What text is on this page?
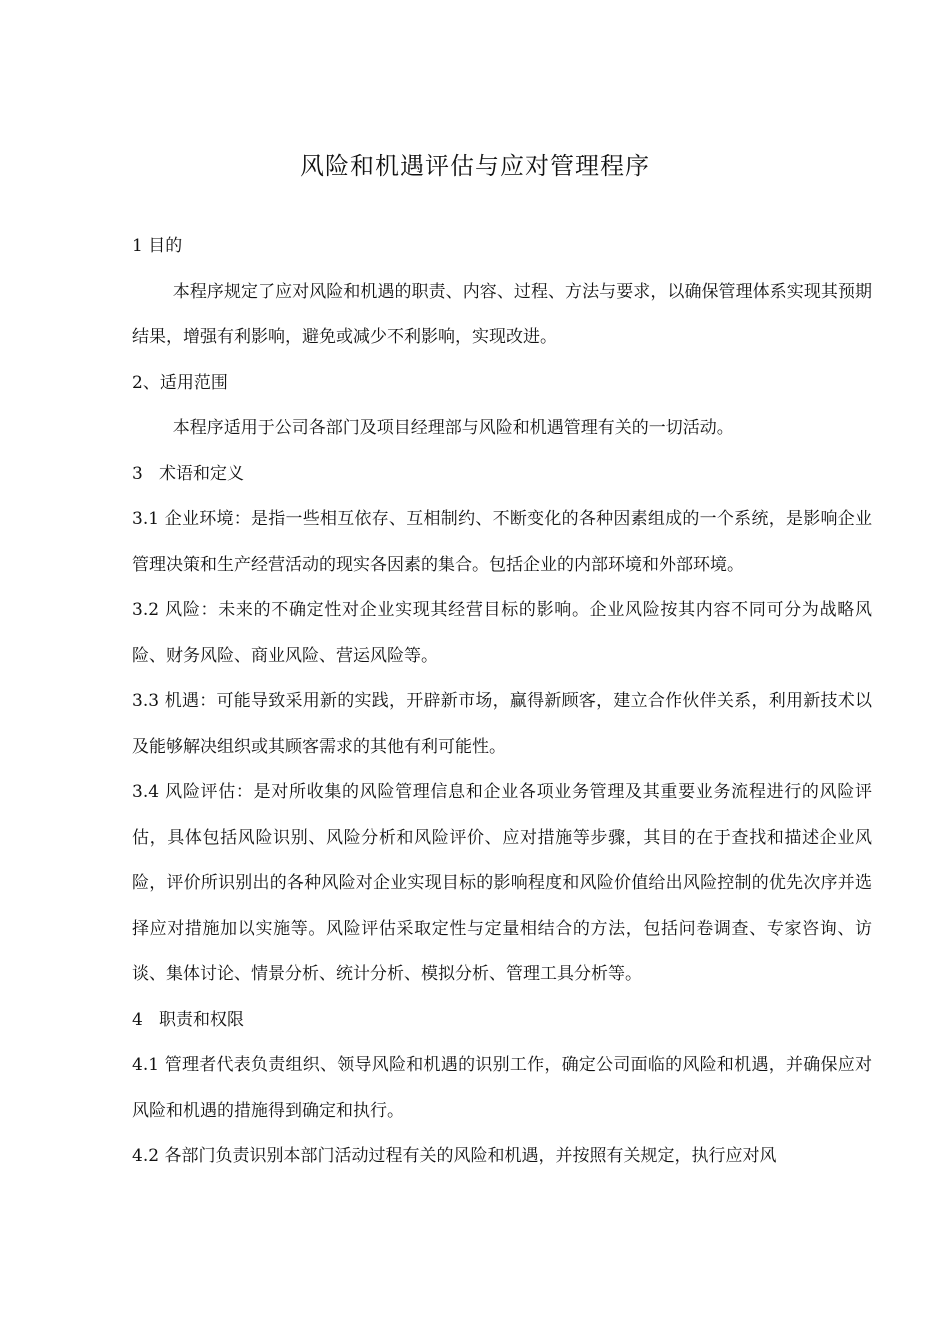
风险和机遇评估与应对管理程序

1 目的

本程序规定了应对风险和机遇的职责、内容、过程、方法与要求，以确保管理体系实现其预期结果，增强有利影响，避免或减少不利影响，实现改进。

2、适用范围

本程序适用于公司各部门及项目经理部与风险和机遇管理有关的一切活动。

3   术语和定义

3.1 企业环境：是指一些相互依存、互相制约、不断变化的各种因素组成的一个系统，是影响企业管理决策和生产经营活动的现实各因素的集合。包括企业的内部环境和外部环境。

3.2 风险：未来的不确定性对企业实现其经营目标的影响。企业风险按其内容不同可分为战略风险、财务风险、商业风险、营运风险等。

3.3 机遇：可能导致采用新的实践，开辟新市场，赢得新顾客，建立合作伙伴关系，利用新技术以及能够解决组织或其顾客需求的其他有利可能性。

3.4 风险评估：是对所收集的风险管理信息和企业各项业务管理及其重要业务流程进行的风险评估，具体包括风险识别、风险分析和风险评价、应对措施等步骤，其目的在于查找和描述企业风险，评价所识别出的各种风险对企业实现目标的影响程度和风险价值给出风险控制的优先次序并选择应对措施加以实施等。风险评估采取定性与定量相结合的方法，包括问卷调查、专家咨询、访谈、集体讨论、情景分析、统计分析、模拟分析、管理工具分析等。

4   职责和权限

4.1 管理者代表负责组织、领导风险和机遇的识别工作，确定公司面临的风险和机遇，并确保应对风险和机遇的措施得到确定和执行。

4.2 各部门负责识别本部门活动过程有关的风险和机遇，并按照有关规定，执行应对风
